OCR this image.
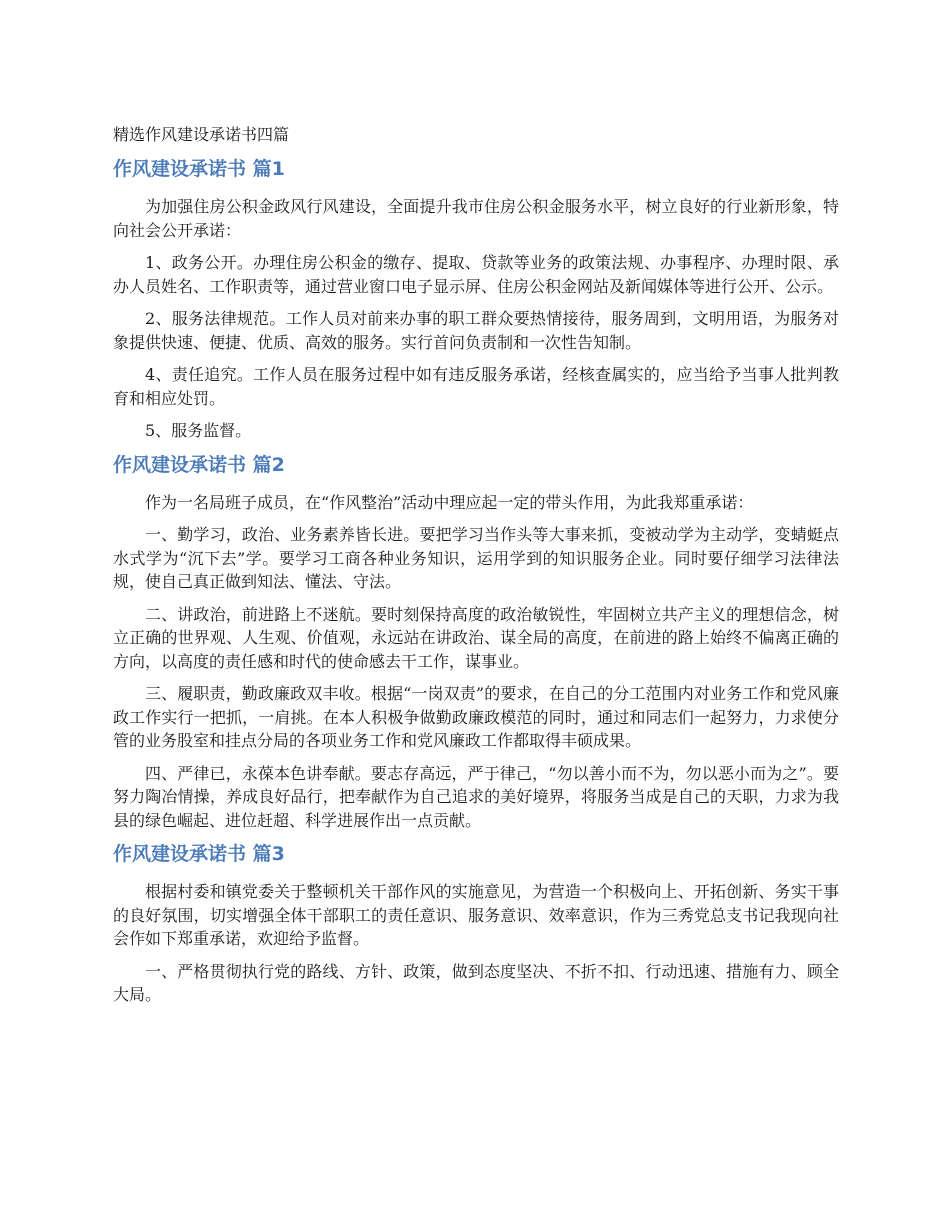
精选作风建设承诺书四篇
作风建设承诺书 篇1

为加强住房公积金政风行风建设，全面提升我市住房公积金服务水平，树立良好的行业新形象，特向社会公开承诺：

1、政务公开。办理住房公积金的缴存、提取、贷款等业务的政策法规、办事程序、办理时限、承办人员姓名、工作职责等，通过营业窗口电子显示屏、住房公积金网站及新闻媒体等进行公开、公示。

2、服务法律规范。工作人员对前来办事的职工群众要热情接待，服务周到，文明用语，为服务对象提供快速、便捷、优质、高效的服务。实行首问负责制和一次性告知制。

4、责任追究。工作人员在服务过程中如有违反服务承诺，经核查属实的，应当给予当事人批判教育和相应处罚。

5、服务监督。

作风建设承诺书 篇2

作为一名局班子成员，在“作风整治”活动中理应起一定的带头作用，为此我郑重承诺：

一、勤学习，政治、业务素养皆长进。要把学习当作头等大事来抓，变被动学为主动学，变蜻蜓点水式学为“沉下去”学。要学习工商各种业务知识，运用学到的知识服务企业。同时要仔细学习法律法规，使自己真正做到知法、懂法、守法。

二、讲政治，前进路上不迷航。要时刻保持高度的政治敏锐性，牢固树立共产主义的理想信念，树立正确的世界观、人生观、价值观，永远站在讲政治、谋全局的高度，在前进的路上始终不偏离正确的方向，以高度的责任感和时代的使命感去干工作，谋事业。

三、履职责，勤政廉政双丰收。根据“一岗双责”的要求，在自己的分工范围内对业务工作和党风廉政工作实行一把抓，一肩挑。在本人积极争做勤政廉政模范的同时，通过和同志们一起努力，力求使分管的业务股室和挂点分局的各项业务工作和党风廉政工作都取得丰硕成果。

四、严律已，永葆本色讲奉献。要志存高远，严于律己，“勿以善小而不为，勿以恶小而为之”。要努力陶冶情操，养成良好品行，把奉献作为自己追求的美好境界，将服务当成是自己的天职，力求为我县的绿色崛起、进位赶超、科学进展作出一点贡献。

作风建设承诺书 篇3

根据村委和镇党委关于整顿机关干部作风的实施意见，为营造一个积极向上、开拓创新、务实干事的良好氛围，切实增强全体干部职工的责任意识、服务意识、效率意识，作为三秀党总支书记我现向社会作如下郑重承诺，欢迎给予监督。

一、严格贯彻执行党的路线、方针、政策，做到态度坚决、不折不扣、行动迅速、措施有力、顾全大局。
